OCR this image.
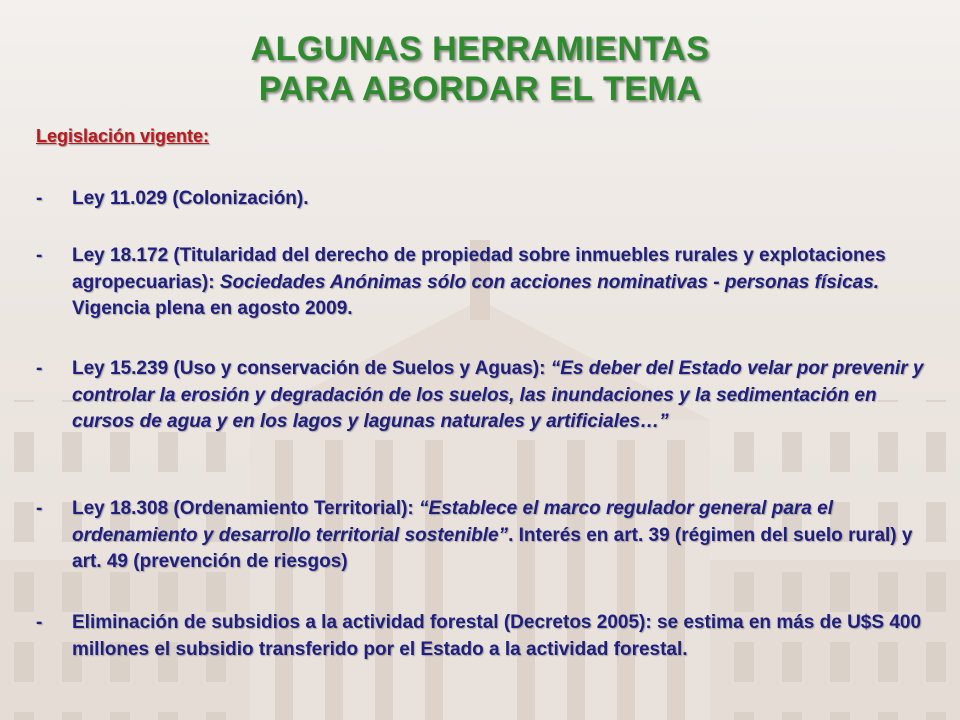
ALGUNAS HERRAMIENTAS
PARA ABORDAR EL TEMA
Legislación vigente:
-	Ley 11.029 (Colonización).
-	Ley 18.172 (Titularidad del derecho de propiedad sobre inmuebles rurales y explotaciones agropecuarias): Sociedades Anónimas sólo con acciones nominativas - personas físicas. Vigencia plena en agosto 2009.
-	Ley 15.239 (Uso y conservación de Suelos y Aguas): “Es deber del Estado velar por prevenir y controlar la erosión y degradación de los suelos, las inundaciones y la sedimentación en cursos de agua y en los lagos y lagunas naturales y artificiales…”
-	Ley 18.308 (Ordenamiento Territorial): “Establece el marco regulador general para el ordenamiento y desarrollo territorial sostenible”. Interés en art. 39 (régimen del suelo rural) y art. 49 (prevención de riesgos)
-	Eliminación de subsidios a la actividad forestal (Decretos 2005): se estima en más de U$S 400 millones el subsidio transferido por el Estado a la actividad forestal.
